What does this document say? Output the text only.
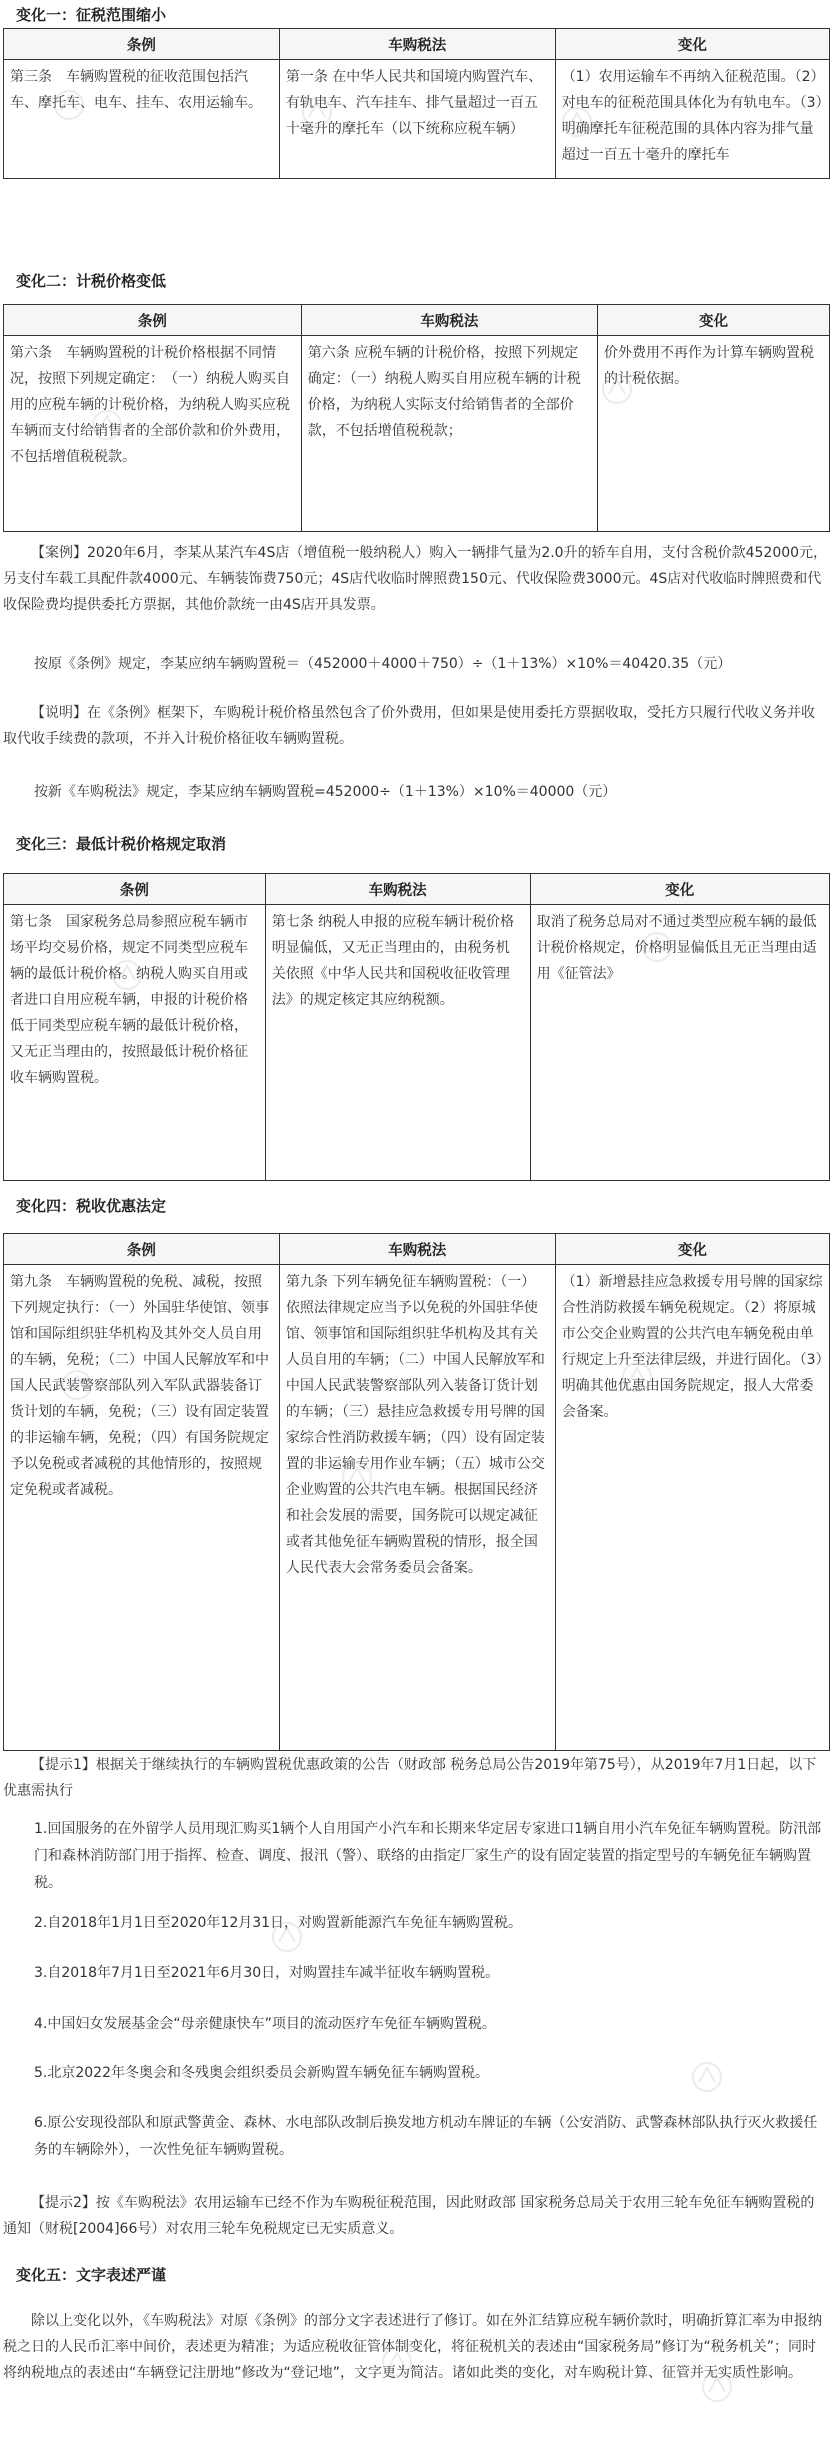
变化一：征税范围缩小
条例	车购税法	变化
第三条　车辆购置税的征收范围包括汽车、摩托车、电车、挂车、农用运输车。	第一条 在中华人民共和国境内购置汽车、有轨电车、汽车挂车、排气量超过一百五十毫升的摩托车（以下统称应税车辆）	（1）农用运输车不再纳入征税范围。（2）对电车的征税范围具体化为有轨电车。（3）明确摩托车征税范围的具体内容为排气量超过一百五十毫升的摩托车
变化二：计税价格变低
条例	车购税法	变化
第六条　车辆购置税的计税价格根据不同情况，按照下列规定确定：　（一）纳税人购买自用的应税车辆的计税价格，为纳税人购买应税车辆而支付给销售者的全部价款和价外费用，不包括增值税税款。	第六条 应税车辆的计税价格，按照下列规定确定：（一）纳税人购买自用应税车辆的计税价格，为纳税人实际支付给销售者的全部价款，不包括增值税税款；	价外费用不再作为计算车辆购置税的计税依据。

【案例】2020年6月，李某从某汽车4S店（增值税一般纳税人）购入一辆排气量为2.0升的轿车自用，支付含税价款452000元，另支付车载工具配件款4000元、车辆装饰费750元；4S店代收临时牌照费150元、代收保险费3000元。4S店对代收临时牌照费和代收保险费均提供委托方票据，其他价款统一由4S店开具发票。

按原《条例》规定，李某应纳车辆购置税＝（452000＋4000＋750）÷（1＋13%）×10%＝40420.35（元）

【说明】在《条例》框架下，车购税计税价格虽然包含了价外费用，但如果是使用委托方票据收取，受托方只履行代收义务并收取代收手续费的款项，不并入计税价格征收车辆购置税。

按新《车购税法》规定，李某应纳车辆购置税=452000÷（1＋13%）×10%＝40000（元）

变化三：最低计税价格规定取消
条例	车购税法	变化
第七条　国家税务总局参照应税车辆市场平均交易价格，规定不同类型应税车辆的最低计税价格。纳税人购买自用或者进口自用应税车辆，申报的计税价格低于同类型应税车辆的最低计税价格，又无正当理由的，按照最低计税价格征收车辆购置税。	第七条 纳税人申报的应税车辆计税价格明显偏低，又无正当理由的，由税务机关依照《中华人民共和国税收征收管理法》的规定核定其应纳税额。	取消了税务总局对不通过类型应税车辆的最低计税价格规定，价格明显偏低且无正当理由适用《征管法》
变化四：税收优惠法定
条例	车购税法	变化
第九条　车辆购置税的免税、减税，按照下列规定执行：（一）外国驻华使馆、领事馆和国际组织驻华机构及其外交人员自用的车辆，免税；（二）中国人民解放军和中国人民武装警察部队列入军队武器装备订货计划的车辆，免税；（三）设有固定装置的非运输车辆，免税；（四）有国务院规定予以免税或者减税的其他情形的，按照规定免税或者减税。	第九条 下列车辆免征车辆购置税：（一）依照法律规定应当予以免税的外国驻华使馆、领事馆和国际组织驻华机构及其有关人员自用的车辆；（二）中国人民解放军和中国人民武装警察部队列入装备订货计划的车辆；（三）悬挂应急救援专用号牌的国家综合性消防救援车辆；（四）设有固定装置的非运输专用作业车辆；（五）城市公交企业购置的公共汽电车辆。根据国民经济和社会发展的需要，国务院可以规定减征或者其他免征车辆购置税的情形，报全国人民代表大会常务委员会备案。	（1）新增悬挂应急救援专用号牌的国家综合性消防救援车辆免税规定。（2）将原城市公交企业购置的公共汽电车辆免税由单行规定上升至法律层级，并进行固化。（3）明确其他优惠由国务院规定，报人大常委会备案。

【提示1】根据关于继续执行的车辆购置税优惠政策的公告（财政部 税务总局公告2019年第75号），从2019年7月1日起，以下优惠需执行

1.回国服务的在外留学人员用现汇购买1辆个人自用国产小汽车和长期来华定居专家进口1辆自用小汽车免征车辆购置税。防汛部门和森林消防部门用于指挥、检查、调度、报汛（警）、联络的由指定厂家生产的设有固定装置的指定型号的车辆免征车辆购置税。

2.自2018年1月1日至2020年12月31日，对购置新能源汽车免征车辆购置税。

3.自2018年7月1日至2021年6月30日，对购置挂车减半征收车辆购置税。

4.中国妇女发展基金会“母亲健康快车”项目的流动医疗车免征车辆购置税。

5.北京2022年冬奥会和冬残奥会组织委员会新购置车辆免征车辆购置税。

6.原公安现役部队和原武警黄金、森林、水电部队改制后换发地方机动车牌证的车辆（公安消防、武警森林部队执行灭火救援任务的车辆除外），一次性免征车辆购置税。

【提示2】按《车购税法》农用运输车已经不作为车购税征税范围，因此财政部 国家税务总局关于农用三轮车免征车辆购置税的通知（财税[2004]66号）对农用三轮车免税规定已无实质意义。

变化五：文字表述严谨

除以上变化以外，《车购税法》对原《条例》的部分文字表述进行了修订。如在外汇结算应税车辆价款时，明确折算汇率为申报纳税之日的人民币汇率中间价，表述更为精准；为适应税收征管体制变化，将征税机关的表述由“国家税务局”修订为“税务机关”；同时将纳税地点的表述由“车辆登记注册地”修改为“登记地”，文字更为简洁。诸如此类的变化，对车购税计算、征管并无实质性影响。
